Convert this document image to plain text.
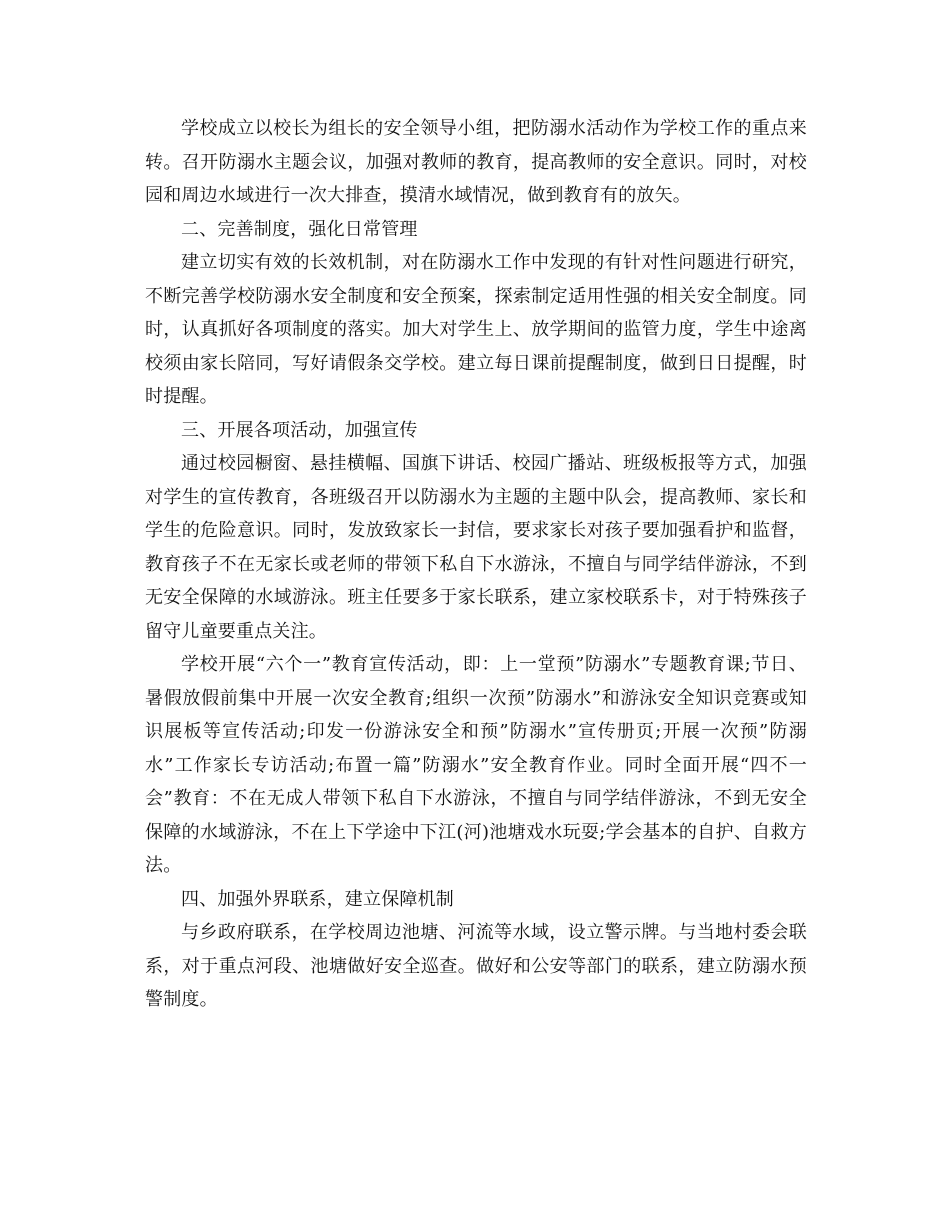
学校成立以校长为组长的安全领导小组，把防溺水活动作为学校工作的重点来转。召开防溺水主题会议，加强对教师的教育，提高教师的安全意识。同时，对校园和周边水域进行一次大排查，摸清水域情况，做到教育有的放矢。

二、完善制度，强化日常管理

建立切实有效的长效机制，对在防溺水工作中发现的有针对性问题进行研究，不断完善学校防溺水安全制度和安全预案，探索制定适用性强的相关安全制度。同时，认真抓好各项制度的落实。加大对学生上、放学期间的监管力度，学生中途离校须由家长陪同，写好请假条交学校。建立每日课前提醒制度，做到日日提醒，时时提醒。

三、开展各项活动，加强宣传

通过校园橱窗、悬挂横幅、国旗下讲话、校园广播站、班级板报等方式，加强对学生的宣传教育，各班级召开以防溺水为主题的主题中队会，提高教师、家长和学生的危险意识。同时，发放致家长一封信，要求家长对孩子要加强看护和监督，教育孩子不在无家长或老师的带领下私自下水游泳，不擅自与同学结伴游泳，不到无安全保障的水域游泳。班主任要多于家长联系，建立家校联系卡，对于特殊孩子留守儿童要重点关注。

学校开展“六个一”教育宣传活动，即：上一堂预”防溺水”专题教育课;节日、暑假放假前集中开展一次安全教育;组织一次预”防溺水”和游泳安全知识竞赛或知识展板等宣传活动;印发一份游泳安全和预”防溺水”宣传册页;开展一次预”防溺水”工作家长专访活动;布置一篇”防溺水”安全教育作业。同时全面开展“四不一会”教育：不在无成人带领下私自下水游泳，不擅自与同学结伴游泳，不到无安全保障的水域游泳，不在上下学途中下江(河)池塘戏水玩耍;学会基本的自护、自救方法。

四、加强外界联系，建立保障机制

与乡政府联系，在学校周边池塘、河流等水域，设立警示牌。与当地村委会联系，对于重点河段、池塘做好安全巡查。做好和公安等部门的联系，建立防溺水预警制度。
